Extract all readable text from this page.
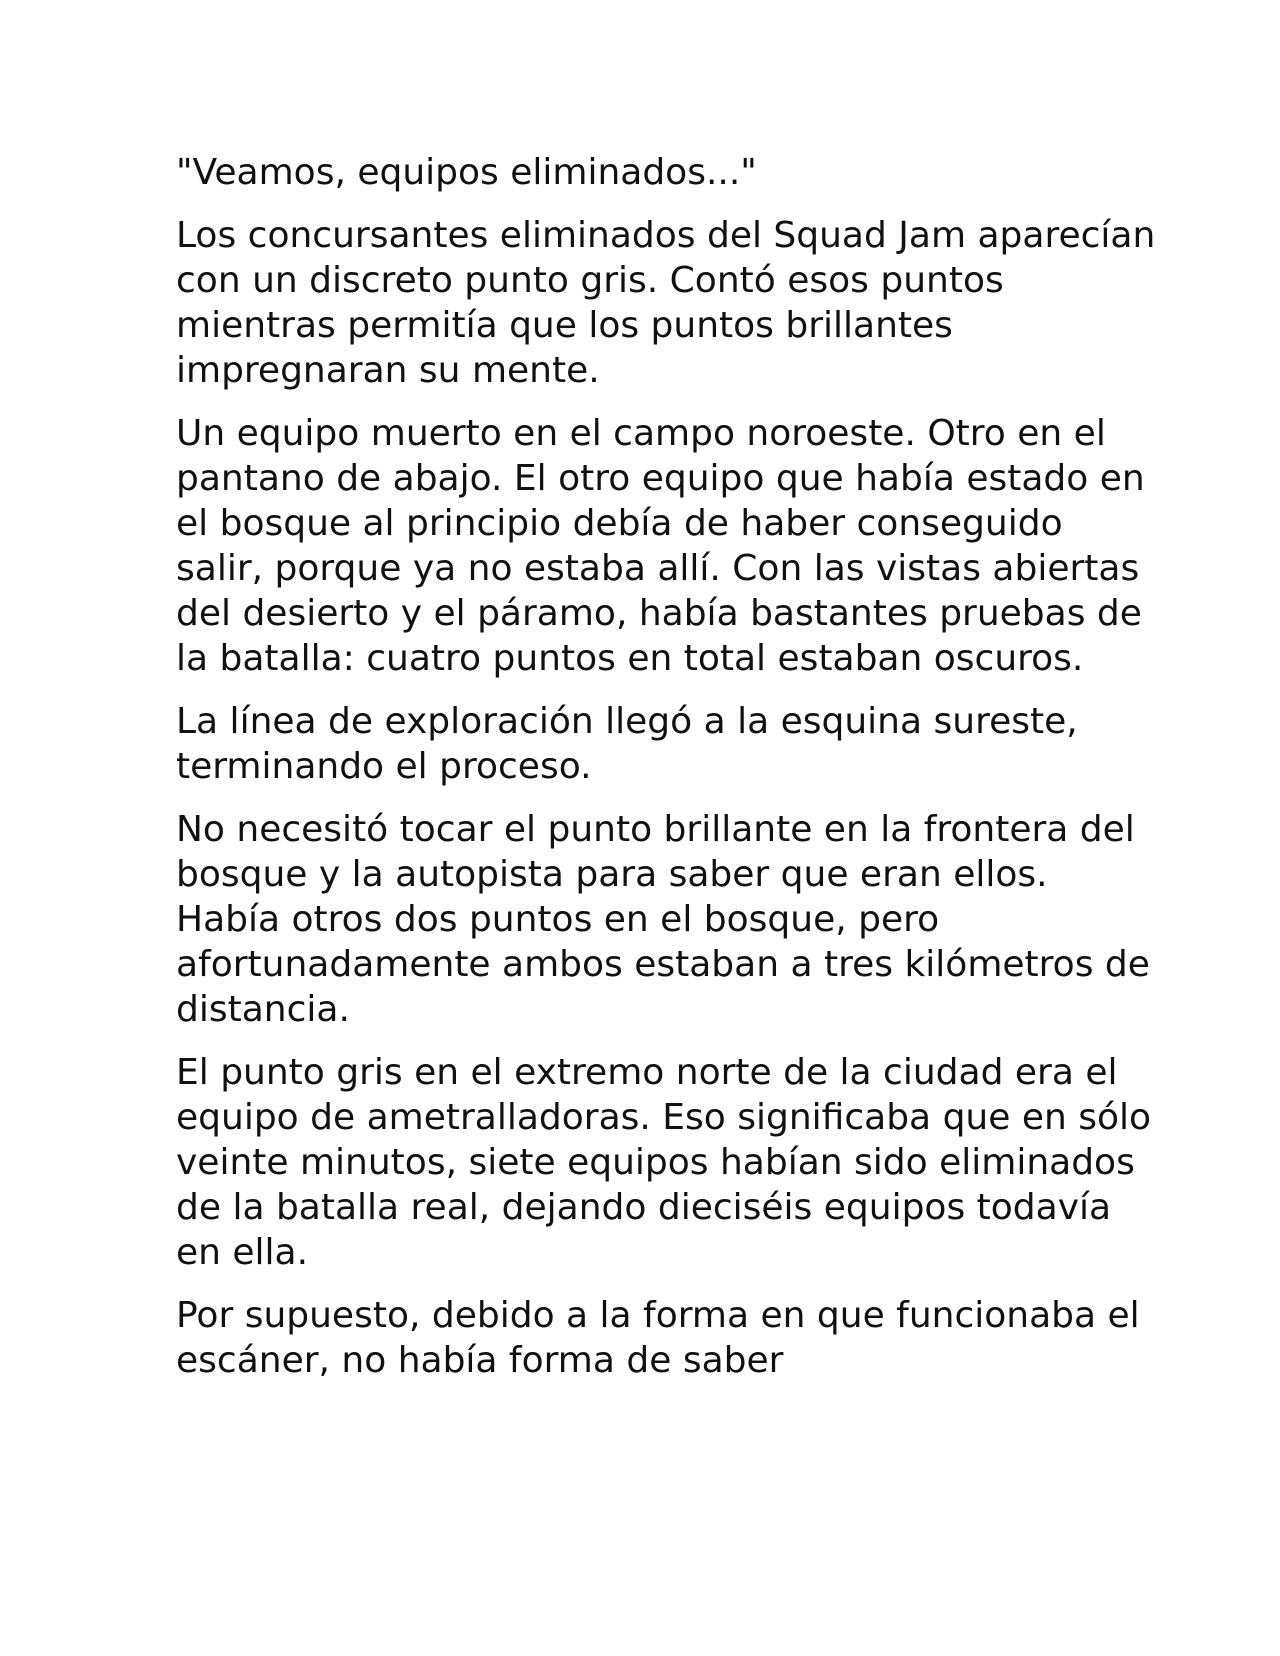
"Veamos, equipos eliminados..."

Los concursantes eliminados del Squad Jam aparecían con un discreto punto gris. Contó esos puntos mientras permitía que los puntos brillantes impregnaran su mente.

Un equipo muerto en el campo noroeste. Otro en el pantano de abajo. El otro equipo que había estado en el bosque al principio debía de haber conseguido salir, porque ya no estaba allí. Con las vistas abiertas del desierto y el páramo, había bastantes pruebas de la batalla: cuatro puntos en total estaban oscuros.

La línea de exploración llegó a la esquina sureste, terminando el proceso.

No necesitó tocar el punto brillante en la frontera del bosque y la autopista para saber que eran ellos. Había otros dos puntos en el bosque, pero afortunadamente ambos estaban a tres kilómetros de distancia.

El punto gris en el extremo norte de la ciudad era el equipo de ametralladoras. Eso significaba que en sólo veinte minutos, siete equipos habían sido eliminados de la batalla real, dejando dieciséis equipos todavía en ella.

Por supuesto, debido a la forma en que funcionaba el escáner, no había forma de saber
